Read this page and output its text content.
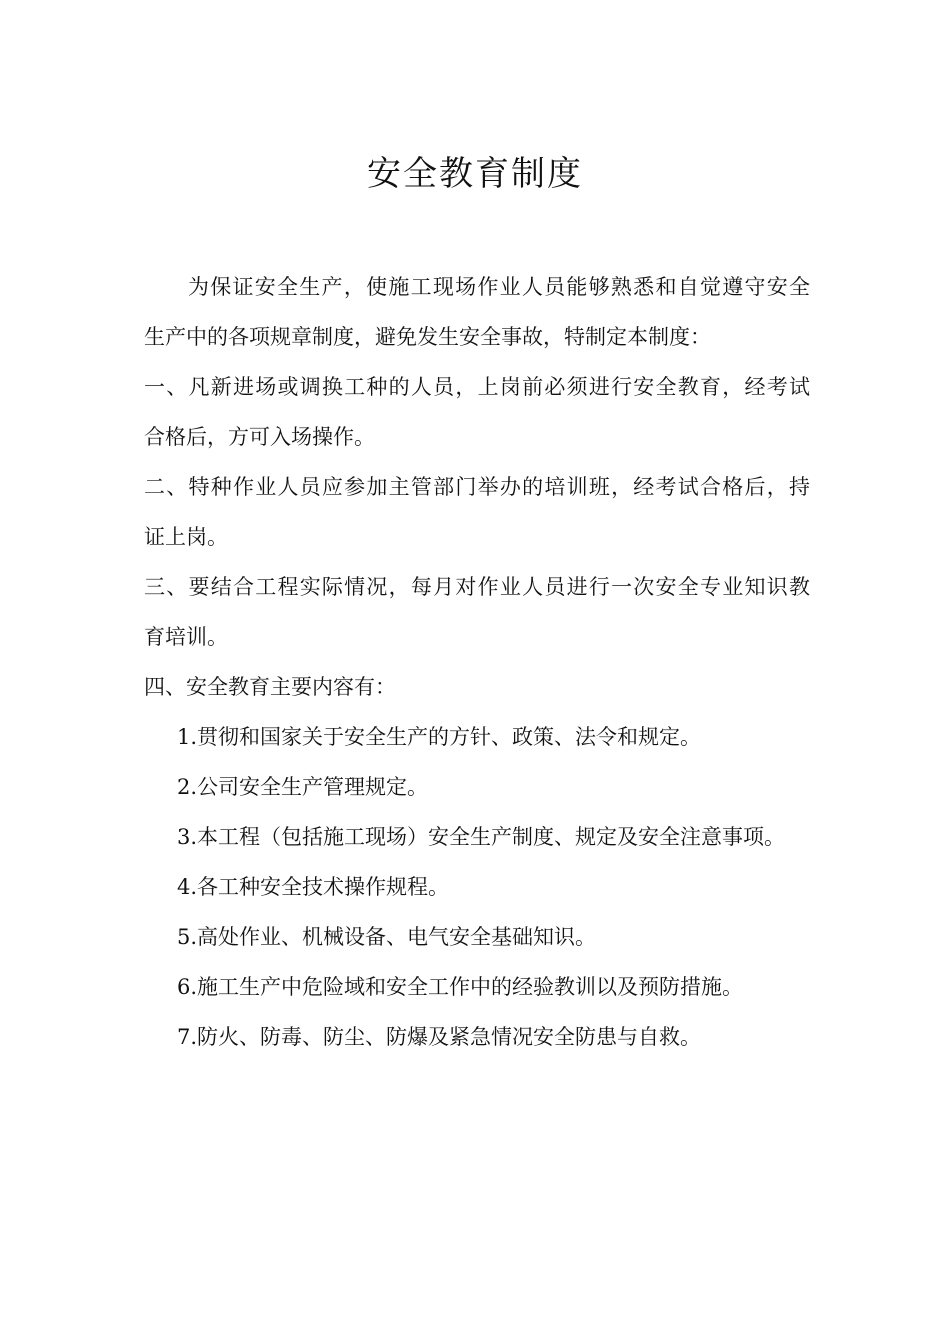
安全教育制度
为保证安全生产，使施工现场作业人员能够熟悉和自觉遵守安全
生产中的各项规章制度，避免发生安全事故，特制定本制度：
一、凡新进场或调换工种的人员，上岗前必须进行安全教育，经考试
合格后，方可入场操作。
二、特种作业人员应参加主管部门举办的培训班，经考试合格后，持
证上岗。
三、要结合工程实际情况，每月对作业人员进行一次安全专业知识教
育培训。
四、安全教育主要内容有：
1.贯彻和国家关于安全生产的方针、政策、法令和规定。
2.公司安全生产管理规定。
3.本工程（包括施工现场）安全生产制度、规定及安全注意事项。
4.各工种安全技术操作规程。
5.高处作业、机械设备、电气安全基础知识。
6.施工生产中危险域和安全工作中的经验教训以及预防措施。
7.防火、防毒、防尘、防爆及紧急情况安全防患与自救。
